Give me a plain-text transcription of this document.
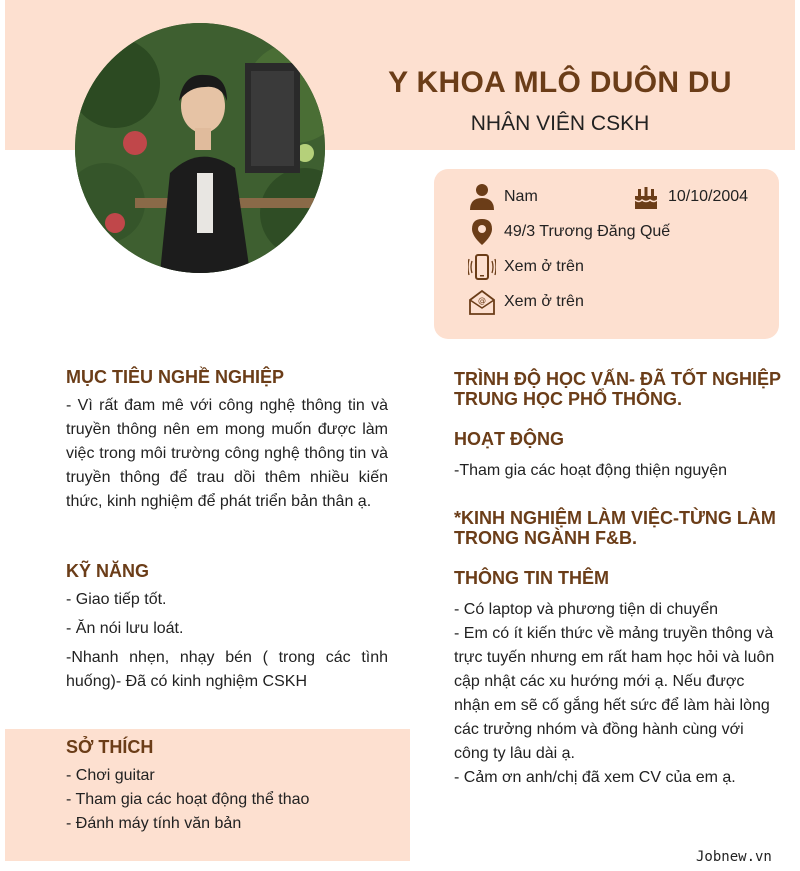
Y KHOA MLÔ DUÔN DU
NHÂN VIÊN CSKH
Nam	10/10/2004
49/3 Trương Đăng Quế
Xem ở trên
@ Xem ở trên
MỤC TIÊU NGHỀ NGHIỆP
- Vì rất đam mê với công nghệ thông tin và truyền thông nên em mong muốn được làm việc trong môi trường công nghệ thông tin và truyền thông để trau dồi thêm nhiều kiến thức, kinh nghiệm để phát triển bản thân ạ.
KỸ NĂNG

- Giao tiếp tốt.

- Ăn nói lưu loát.

-Nhanh nhẹn, nhạy bén ( trong các tình huống)- Đã có kinh nghiệm CSKH

SỞ THÍCH

- Chơi guitar

- Tham gia các hoạt động thể thao

- Đánh máy tính văn bản

TRÌNH ĐỘ HỌC VẤN- ĐÃ TỐT NGHIỆP TRUNG HỌC PHỔ THÔNG.
HOẠT ĐỘNG
-Tham gia các hoạt động thiện nguyện
*KINH NGHIỆM LÀM VIỆC-TỪNG LÀM TRONG NGÀNH F&B.
THÔNG TIN THÊM

- Có laptop và phương tiện di chuyển

- Em có ít kiến thức về mảng truyền thông và trực tuyến nhưng em rất ham học hỏi và luôn cập nhật các xu hướng mới ạ. Nếu được nhận em sẽ cố gắng hết sức để làm hài lòng các trưởng nhóm và đồng hành cùng với công ty lâu dài ạ.

- Cảm ơn anh/chị đã xem CV của em ạ.

Jobnew.vn
